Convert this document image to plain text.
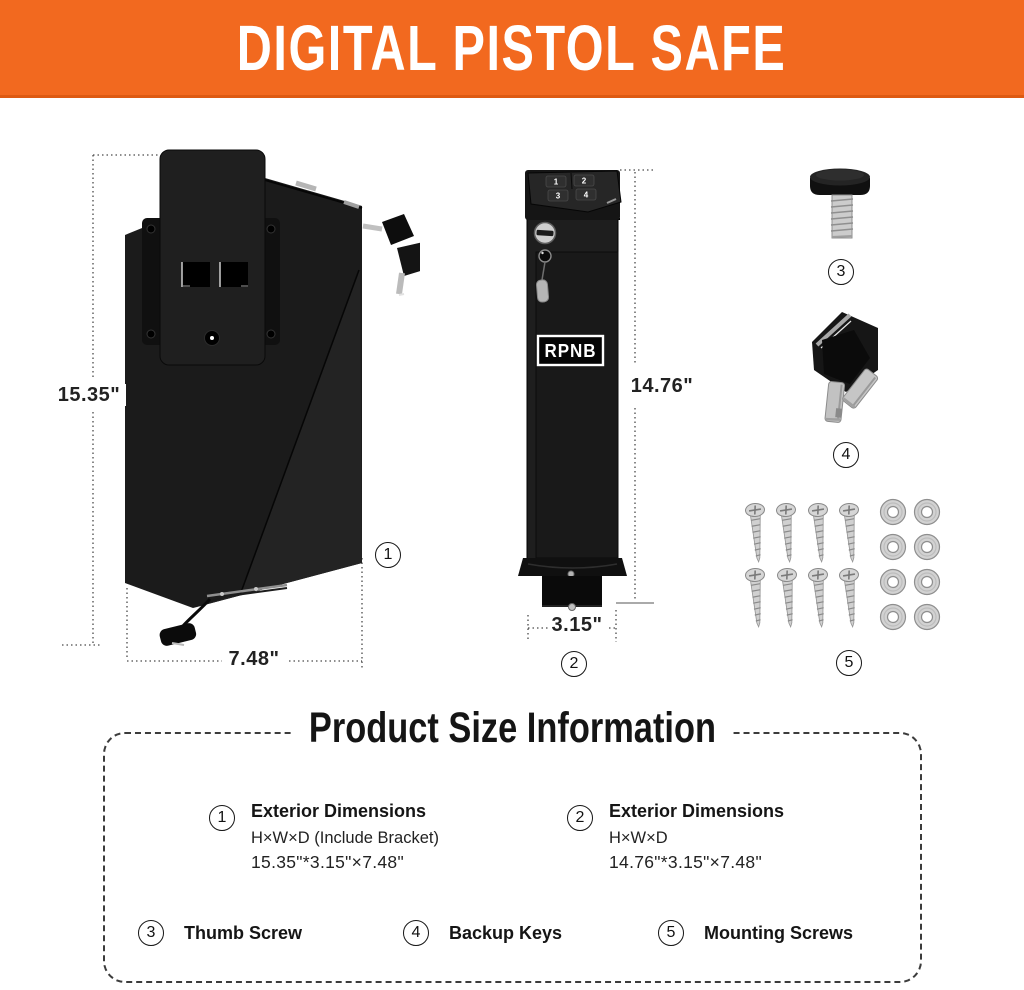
DIGITAL PISTOL SAFE
1	2
3	4
RPNB
15.35"
7.48"
14.76"
3.15"
1
2
3
4
5
Product Size Information
1 Exterior Dimensions
H×W×D (Include Bracket)
15.35"*3.15"×7.48"
2 Exterior Dimensions
H×W×D
14.76"*3.15"×7.48"
3 Thumb Screw	4 Backup Keys	5 Mounting Screws
